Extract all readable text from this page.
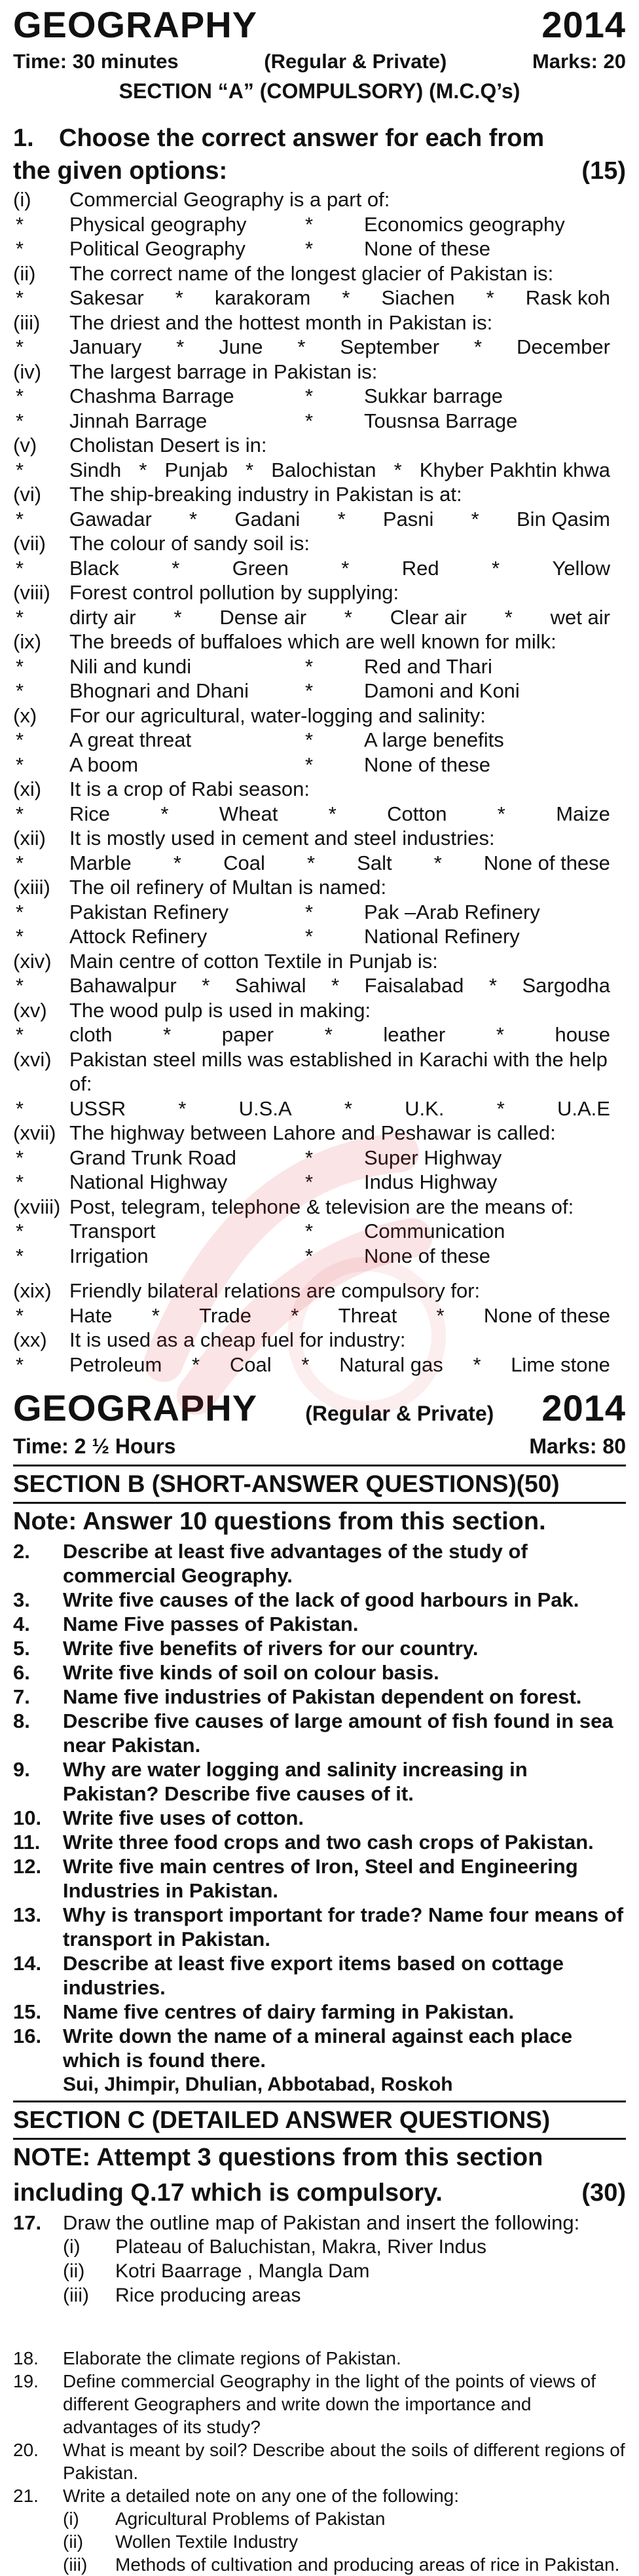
GEOGRAPHY	2014
Time: 30 minutes	(Regular & Private)	Marks: 20
SECTION “A” (COMPULSORY) (M.C.Q’s)
1. Choose the correct answer for each from
the given options:	(15)
(i)	Commercial Geography is a part of:
*	Physical geography	*	Economics geography
*	Political Geography	*	None of these
(ii)	The correct name of the longest glacier of Pakistan is:
*	Sakesar * karakoram * Siachen * Rask koh
(iii)	The driest and the hottest month in Pakistan is:
*	January * June * September * December
(iv)	The largest barrage in Pakistan is:
*	Chashma Barrage	*	Sukkar barrage
*	Jinnah Barrage	*	Tousnsa Barrage
(v)	Cholistan Desert is in:
*	Sindh * Punjab * Balochistan * Khyber Pakhtin khwa
(vi)	The ship-breaking industry in Pakistan is at:
*	Gawadar * Gadani * Pasni * Bin Qasim
(vii)	The colour of sandy soil is:
*	Black	*	Green	*	Red	*	Yellow
(viii) Forest control pollution by supplying:
*	dirty air * Dense air * Clear air * wet air
(ix)	The breeds of buffaloes which are well known for milk:
*	Nili and kundi	*	Red and Thari
*	Bhognari and Dhani	*	Damoni and Koni
(x)	For our agricultural, water-logging and salinity:
*	A great threat	*	A large benefits
*	A boom	*	None of these
(xi)	It is a crop of Rabi season:
*	Rice * Wheat * Cotton * Maize
(xii)	It is mostly used in cement and steel industries:
*	Marble * Coal * Salt * None of these
(xiii) The oil refinery of Multan is named:
*	Pakistan Refinery	*	Pak –Arab Refinery
*	Attock Refinery	*	National Refinery
(xiv) Main centre of cotton Textile in Punjab is:
*	Bahawalpur * Sahiwal * Faisalabad * Sargodha
(xv)	The wood pulp is used in making:
*	cloth	*	paper	*	leather	*	house
(xvi) Pakistan steel mills was established in Karachi with the help of:
*	USSR	*	U.S.A	*	U.K.	*	U.A.E
(xvii) The highway between Lahore and Peshawar is called:
*	Grand Trunk Road	*	Super Highway
*	National Highway	*	Indus Highway
(xviii) Post, telegram, telephone & television are the means of:
*	Transport	*	Communication
*	Irrigation	*	None of these
(xix) Friendly bilateral relations are compulsory for:
*	Hate * Trade * Threat * None of these
(xx)	It is used as a cheap fuel for industry:
*	Petroleum * Coal * Natural gas * Lime stone
GEOGRAPHY (Regular & Private) 2014
Time: 2 ½ Hours	Marks: 80
SECTION B (SHORT-ANSWER QUESTIONS)(50)
Note: Answer 10 questions from this section.
2.	Describe at least five advantages of the study of commercial Geography.
3.	Write five causes of the lack of good harbours in Pak.
4.	Name Five passes of Pakistan.
5.	Write five benefits of rivers for our country.
6.	Write five kinds of soil on colour basis.
7.	Name five industries of Pakistan dependent on forest.
8.	Describe five causes of large amount of fish found in sea near Pakistan.
9.	Why are water logging and salinity increasing in Pakistan? Describe five causes of it.
10.	Write five uses of cotton.
11.	Write three food crops and two cash crops of Pakistan.
12.	Write five main centres of Iron, Steel and Engineering Industries in Pakistan.
13.	Why is transport important for trade? Name four means of transport in Pakistan.
14.	Describe at least five export items based on cottage industries.
15.	Name five centres of dairy farming in Pakistan.
16.	Write down the name of a mineral against each place which is found there.
Sui, Jhimpir, Dhulian, Abbotabad, Roskoh
SECTION C (DETAILED ANSWER QUESTIONS)
NOTE: Attempt 3 questions from this section
including Q.17 which is compulsory.	(30)
17.	Draw the outline map of Pakistan and insert the following:
(i)	Plateau of Baluchistan, Makra, River Indus
(ii)	Kotri Baarrage , Mangla Dam
(iii)	Rice producing areas
18.	Elaborate the climate regions of Pakistan.
19.	Define commercial Geography in the light of the points of views of different Geographers and write down the importance and advantages of its study?
20.	What is meant by soil? Describe about the soils of different regions of Pakistan.
21.	Write a detailed note on any one of the following:
(i)	Agricultural Problems of Pakistan
(ii)	Wollen Textile Industry
(iii)	Methods of cultivation and producing areas of rice in Pakistan.
